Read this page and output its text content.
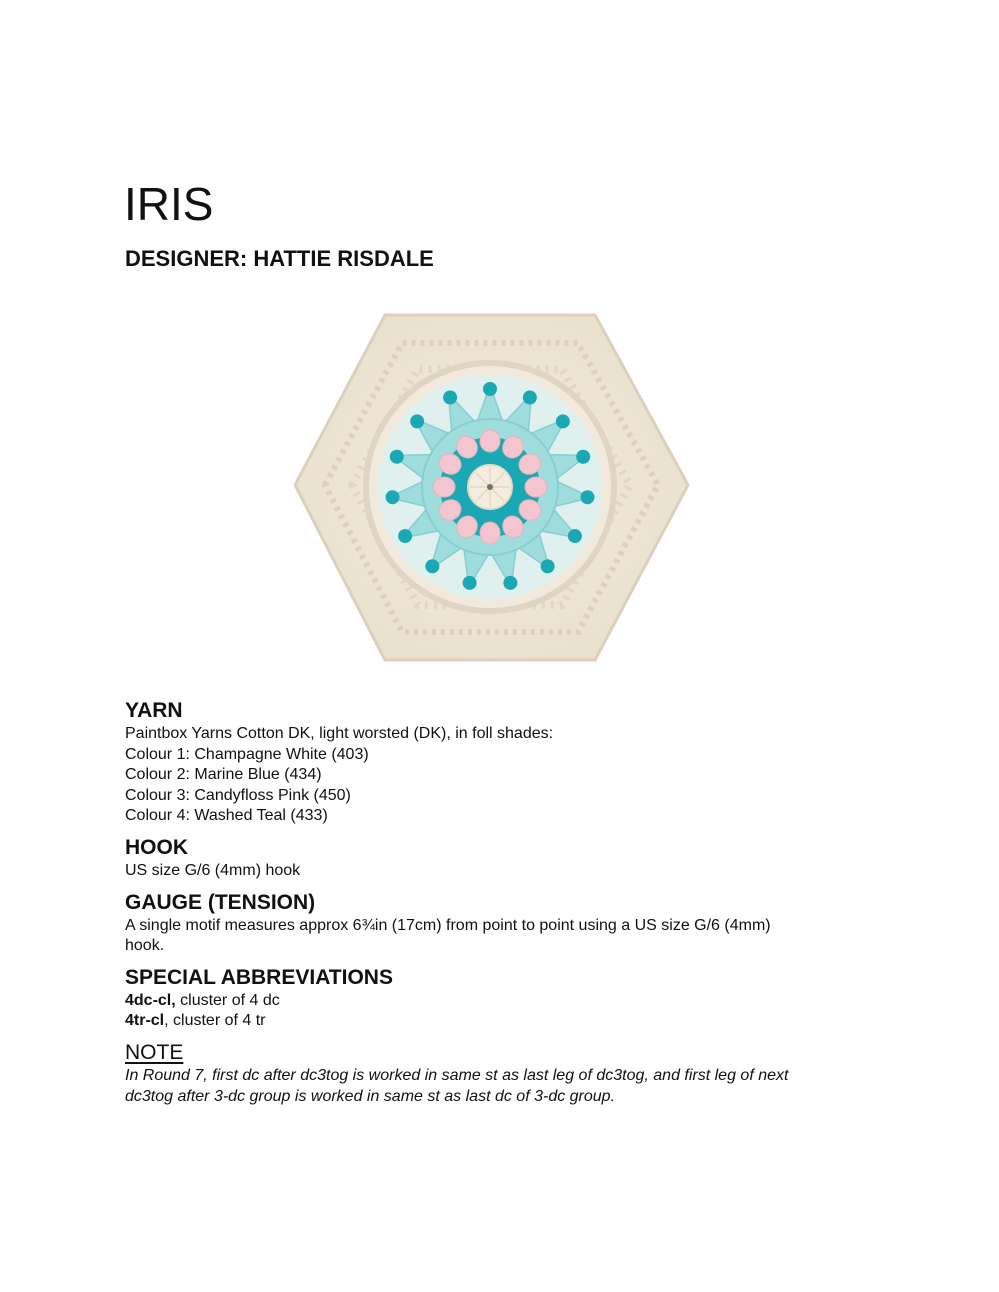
IRIS
DESIGNER: HATTIE RISDALE
YARN

Paintbox Yarns Cotton DK, light worsted (DK), in foll shades:

Colour 1: Champagne White (403)

Colour 2: Marine Blue (434)

Colour 3: Candyfloss Pink (450)

Colour 4: Washed Teal (433)

HOOK

US size G/6 (4mm) hook

GAUGE (TENSION)

A single motif measures approx 6¾in (17cm) from point to point using a US size G/6 (4mm)

hook.

SPECIAL ABBREVIATIONS

4dc-cl, cluster of 4 dc

4tr-cl, cluster of 4 tr

NOTE

In Round 7, first dc after dc3tog is worked in same st as last leg of dc3tog, and first leg of next

dc3tog after 3-dc group is worked in same st as last dc of 3-dc group.
